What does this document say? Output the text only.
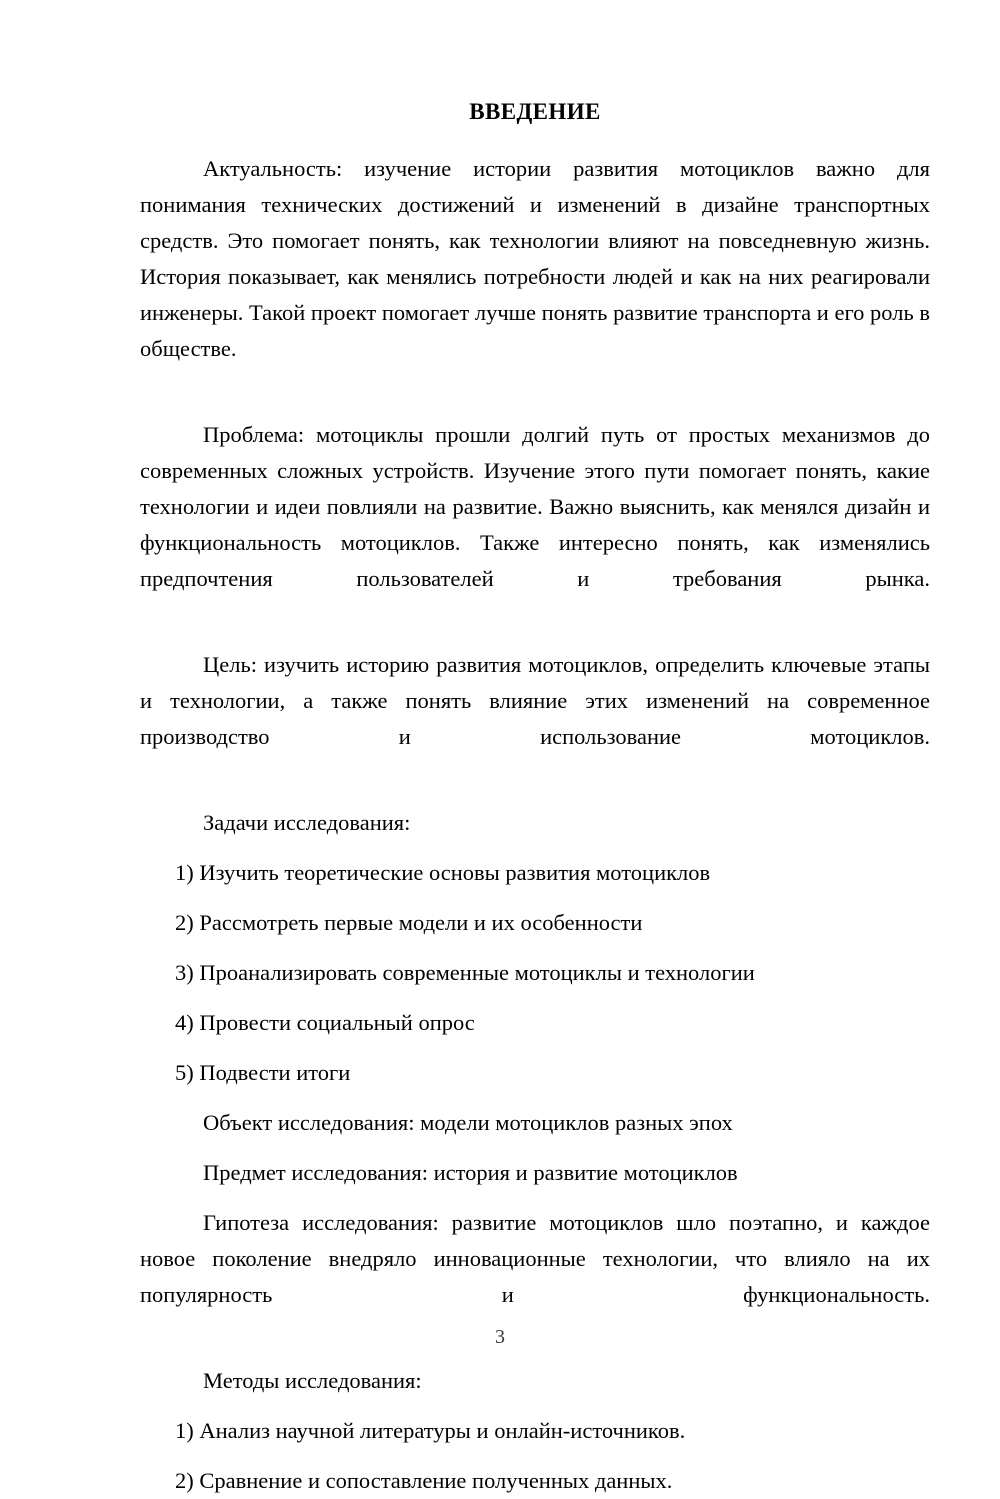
ВВЕДЕНИЕ

Актуальность: изучение истории развития мотоциклов важно для понимания технических достижений и изменений в дизайне транспортных средств. Это помогает понять, как технологии влияют на повседневную жизнь. История показывает, как менялись потребности людей и как на них реагировали инженеры. Такой проект помогает лучше понять развитие транспорта и его роль в обществе.

Проблема: мотоциклы прошли долгий путь от простых механизмов до современных сложных устройств. Изучение этого пути помогает понять, какие технологии и идеи повлияли на развитие. Важно выяснить, как менялся дизайн и функциональность мотоциклов. Также интересно понять, как изменялись предпочтения пользователей и требования рынка.

Цель: изучить историю развития мотоциклов, определить ключевые этапы и технологии, а также понять влияние этих изменений на современное производство и использование мотоциклов.

Задачи исследования:

1) Изучить теоретические основы развития мотоциклов
2) Рассмотреть первые модели и их особенности
3) Проанализировать современные мотоциклы и технологии
4) Провести социальный опрос
5) Подвести итоги

Объект исследования: модели мотоциклов разных эпох

Предмет исследования: история и развитие мотоциклов

Гипотеза исследования: развитие мотоциклов шло поэтапно, и каждое новое поколение внедряло инновационные технологии, что влияло на их популярность и функциональность.

Методы исследования:

1) Анализ научной литературы и онлайн-источников.
2) Сравнение и сопоставление полученных данных.
3
